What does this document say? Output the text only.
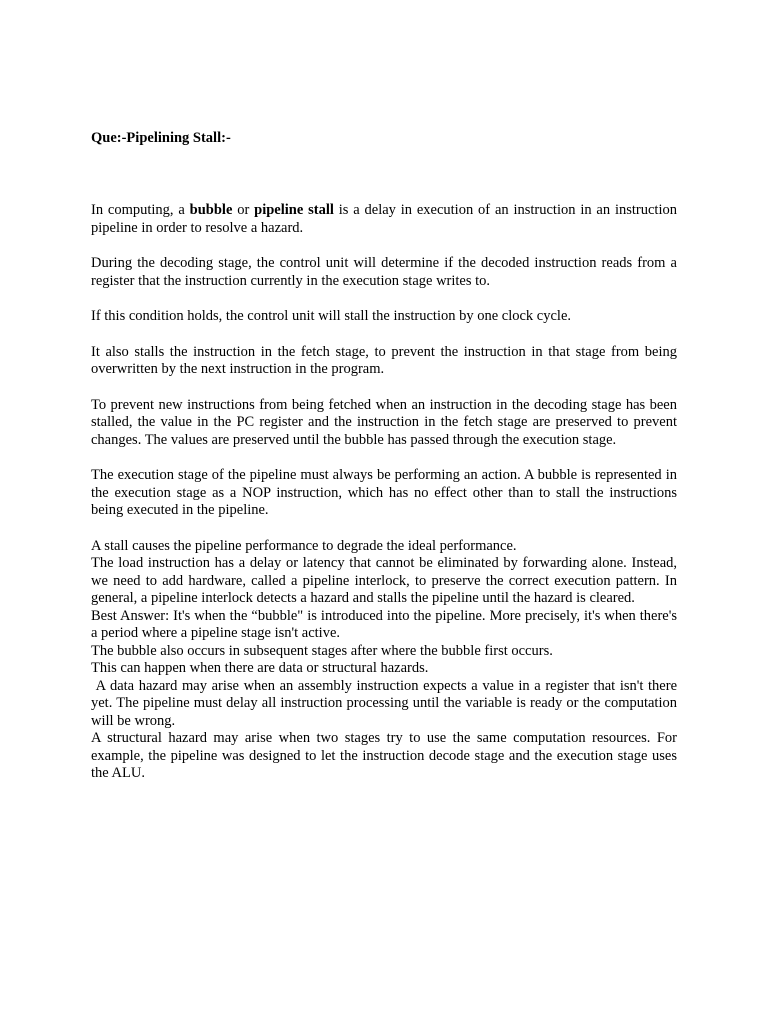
Que:-Pipelining Stall:-

In computing, a bubble or pipeline stall is a delay in execution of an instruction in an instruction pipeline in order to resolve a hazard.

During the decoding stage, the control unit will determine if the decoded instruction reads from a register that the instruction currently in the execution stage writes to.

If this condition holds, the control unit will stall the instruction by one clock cycle.

It also stalls the instruction in the fetch stage, to prevent the instruction in that stage from being overwritten by the next instruction in the program.

To prevent new instructions from being fetched when an instruction in the decoding stage has been stalled, the value in the PC register and the instruction in the fetch stage are preserved to prevent changes. The values are preserved until the bubble has passed through the execution stage.

The execution stage of the pipeline must always be performing an action. A bubble is represented in the execution stage as a NOP instruction, which has no effect other than to stall the instructions being executed in the pipeline.

A stall causes the pipeline performance to degrade the ideal performance.

The load instruction has a delay or latency that cannot be eliminated by forwarding alone. Instead, we need to add hardware, called a pipeline interlock, to preserve the correct execution pattern. In general, a pipeline interlock detects a hazard and stalls the pipeline until the hazard is cleared.

Best Answer: It's when the “bubble" is introduced into the pipeline. More precisely, it's when there's a period where a pipeline stage isn't active.

The bubble also occurs in subsequent stages after where the bubble first occurs.

This can happen when there are data or structural hazards.

A data hazard may arise when an assembly instruction expects a value in a register that isn't there yet. The pipeline must delay all instruction processing until the variable is ready or the computation will be wrong.

A structural hazard may arise when two stages try to use the same computation resources. For example, the pipeline was designed to let the instruction decode stage and the execution stage uses the ALU.
